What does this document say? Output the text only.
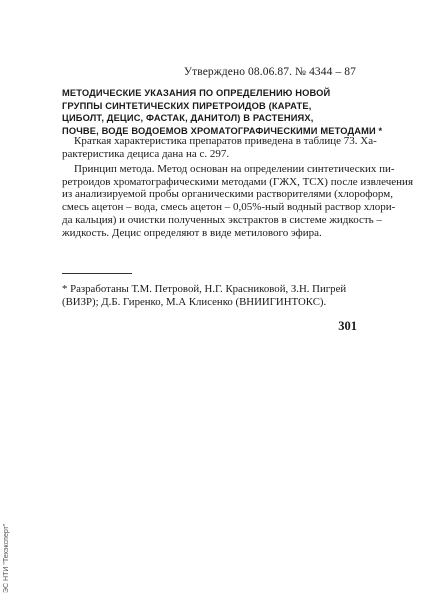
Утверждено 08.06.87. № 4344 – 87
МЕТОДИЧЕСКИЕ УКАЗАНИЯ ПО ОПРЕДЕЛЕНИЮ НОВОЙ
ГРУППЫ СИНТЕТИЧЕСКИХ ПИРЕТРОИДОВ (КАРАТЕ,
ЦИБОЛТ, ДЕЦИС, ФАСТАК, ДАНИТОЛ) В РАСТЕНИЯХ,
ПОЧВЕ, ВОДЕ ВОДОЕМОВ ХРОМАТОГРАФИЧЕСКИМИ МЕТОДАМИ *
Краткая характеристика препаратов приведена в таблице 73. Ха-
рактеристика дециса дана на с. 297.
Принцип метода. Метод основан на определении синтетических пи-
ретроидов хроматографическими методами (ГЖХ, ТСХ) после извлечения
из анализируемой пробы органическими растворителями (хлороформ,
смесь ацетон – вода, смесь ацетон – 0,05%-ный водный раствор хлори-
да кальция) и очистки полученных экстрактов в системе жидкость –
жидкость. Децис определяют в виде метилового эфира.
* Разработаны Т.М. Петровой, Н.Г. Красниковой, З.Н. Пигрей
(ВИЗР); Д.Б. Гиренко, М.А Клисенко (ВНИИГИНТОКС).
301
ЭС НТИ "Техэксперт"
